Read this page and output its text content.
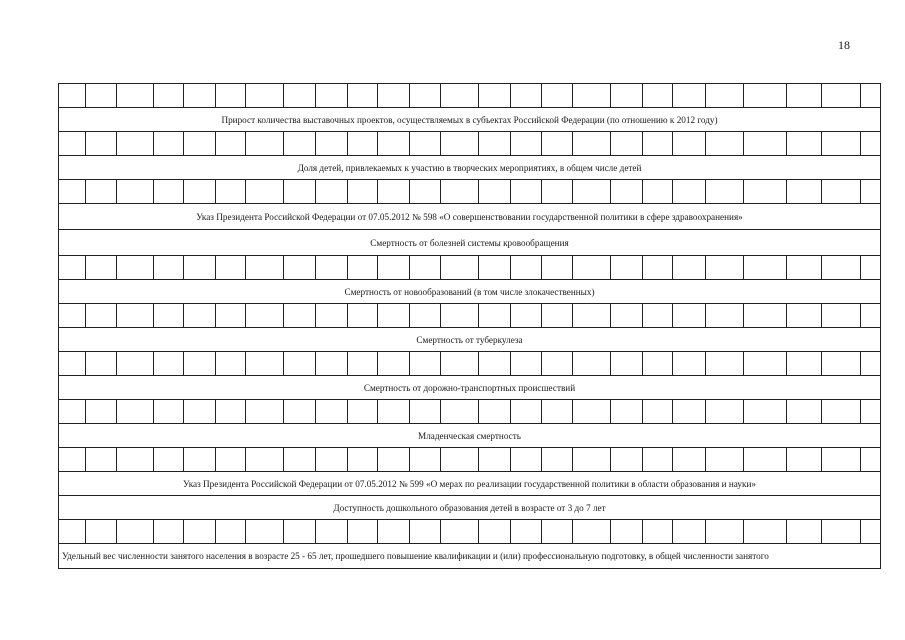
18
Прирост количества выставочных проектов, осуществляемых в субъектах Российской Федерации (по отношению к 2012 году)
Доля детей, привлекаемых к участию в творческих мероприятиях, в общем числе детей
Указ Президента Российской Федерации от 07.05.2012 № 598 «О совершенствовании государственной политики в сфере здравоохранения»
Смертность от болезней системы кровообращения
Смертность от новообразований (в том числе злокачественных)
Смертность от туберкулеза
Смертность от дорожно-транспортных происшествий
Младенческая смертность
Указ Президента Российской Федерации от 07.05.2012 № 599 «О мерах по реализации государственной политики в области образования и науки»
Доступность дошкольного образования детей в возрасте от 3 до 7 лет
Удельный вес численности занятого населения в возрасте 25 - 65 лет, прошедшего повышение квалификации и (или) профессиональную подготовку, в общей численности занятого
